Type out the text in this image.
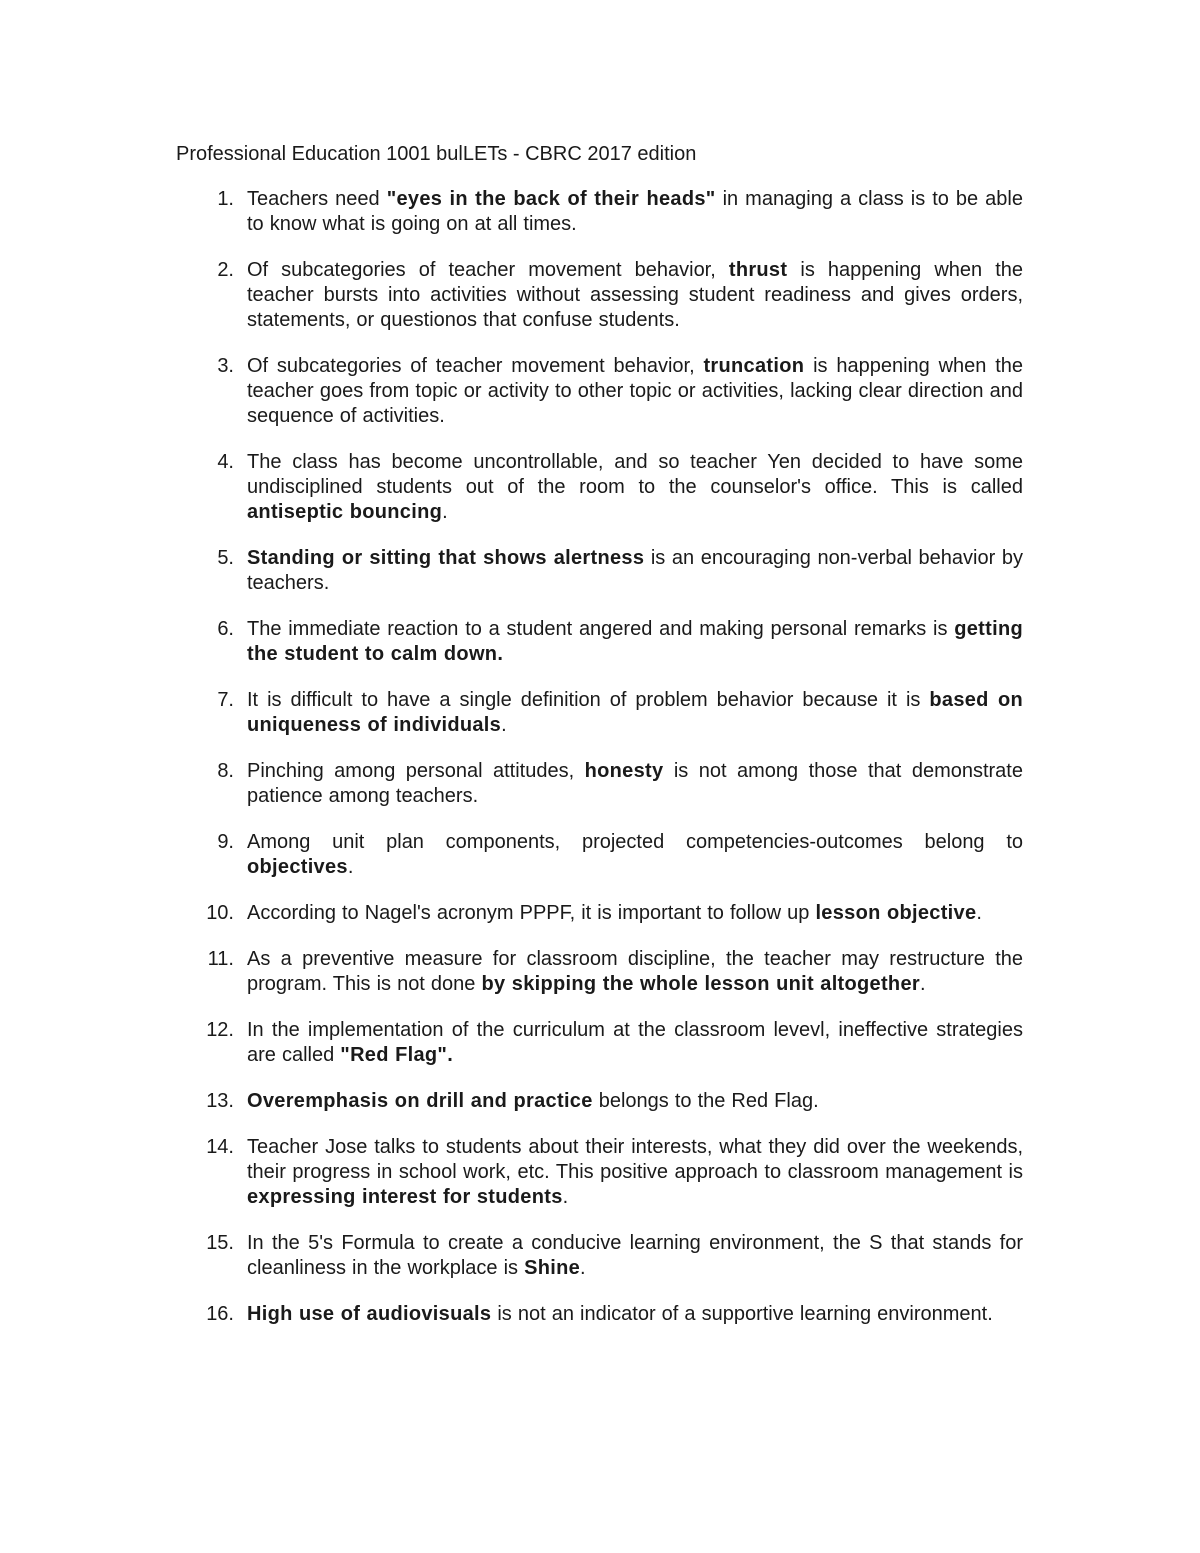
Professional Education 1001 bulLETs - CBRC 2017 edition
1. Teachers need "eyes in the back of their heads" in managing a class is to be able to know what is going on at all times.
2. Of subcategories of teacher movement behavior, thrust is happening when the teacher bursts into activities without assessing student readiness and gives orders, statements, or questionos that confuse students.
3. Of subcategories of teacher movement behavior, truncation is happening when the teacher goes from topic or activity to other topic or activities, lacking clear direction and sequence of activities.
4. The class has become uncontrollable, and so teacher Yen decided to have some undisciplined students out of the room to the counselor's office. This is called antiseptic bouncing.
5. Standing or sitting that shows alertness is an encouraging non-verbal behavior by teachers.
6. The immediate reaction to a student angered and making personal remarks is getting the student to calm down.
7. It is difficult to have a single definition of problem behavior because it is based on uniqueness of individuals.
8. Pinching among personal attitudes, honesty is not among those that demonstrate patience among teachers.
9. Among unit plan components, projected competencies-outcomes belong to objectives.
10. According to Nagel's acronym PPPF, it is important to follow up lesson objective.
11. As a preventive measure for classroom discipline, the teacher may restructure the program. This is not done by skipping the whole lesson unit altogether.
12. In the implementation of the curriculum at the classroom levevl, ineffective strategies are called "Red Flag".
13. Overemphasis on drill and practice belongs to the Red Flag.
14. Teacher Jose talks to students about their interests, what they did over the weekends, their progress in school work, etc. This positive approach to classroom management is expressing interest for students.
15. In the 5's Formula to create a conducive learning environment, the S that stands for cleanliness in the workplace is Shine.
16. High use of audiovisuals is not an indicator of a supportive learning environment.
